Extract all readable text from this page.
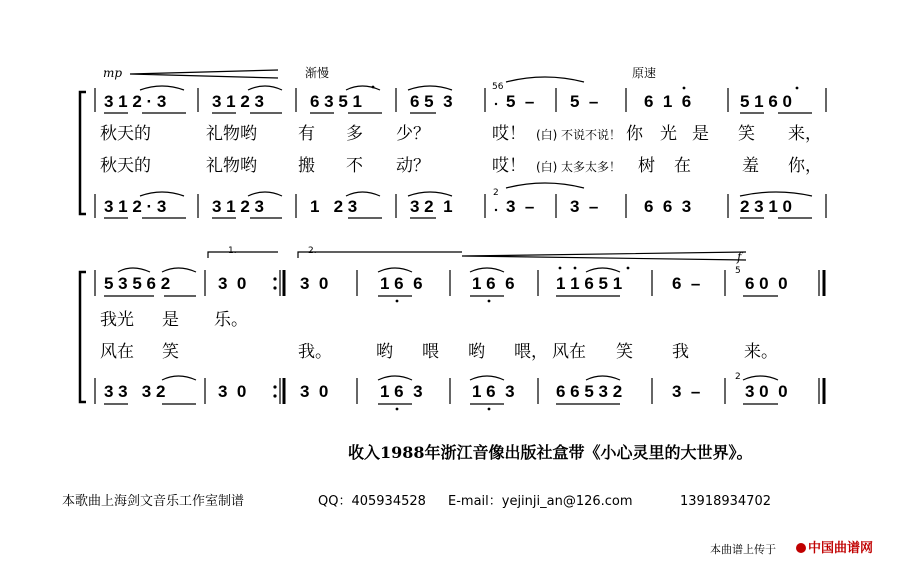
mp	渐慢	原速
56
2
1.	2.	f
5
2
3 1 2 · 3	3 1 2 3	6 3 5 1	6 5  3	5  – 5  –	6  1  6	5 1 6 0
秋天的	礼物哟 有 多 少？	哎！ (白) 不说不说！ 你 光 是 笑 来，
秋天的	礼物哟 搬 不 动？	哎！ (白) 太多太多！ 树 在	羞 你，
3 1 2 · 3	3 1 2 3	1   2 3	3 2  1	3  – 3  –	6  6  3	2 3 1 0
5 3 5 6 2	3  0	3  0	1 6  6	1 6  6 1 1 6 5 1	6  –	6 0  0
我光 是 乐。
风在 笑	我。	哟 喂 哟 喂， 风在 笑 我	来。
3 3   3 2	3  0	3  0	1 6  3	1 6  3 6 6 5 3 2	3  –	3 0  0
收入1988年浙江音像出版社盒带《小心灵里的大世界》。
本歌曲上海剑文音乐工作室制谱	QQ：405934528 E-mail：yejinji_an@126.com	13918934702
本曲谱上传于	中国曲谱网
